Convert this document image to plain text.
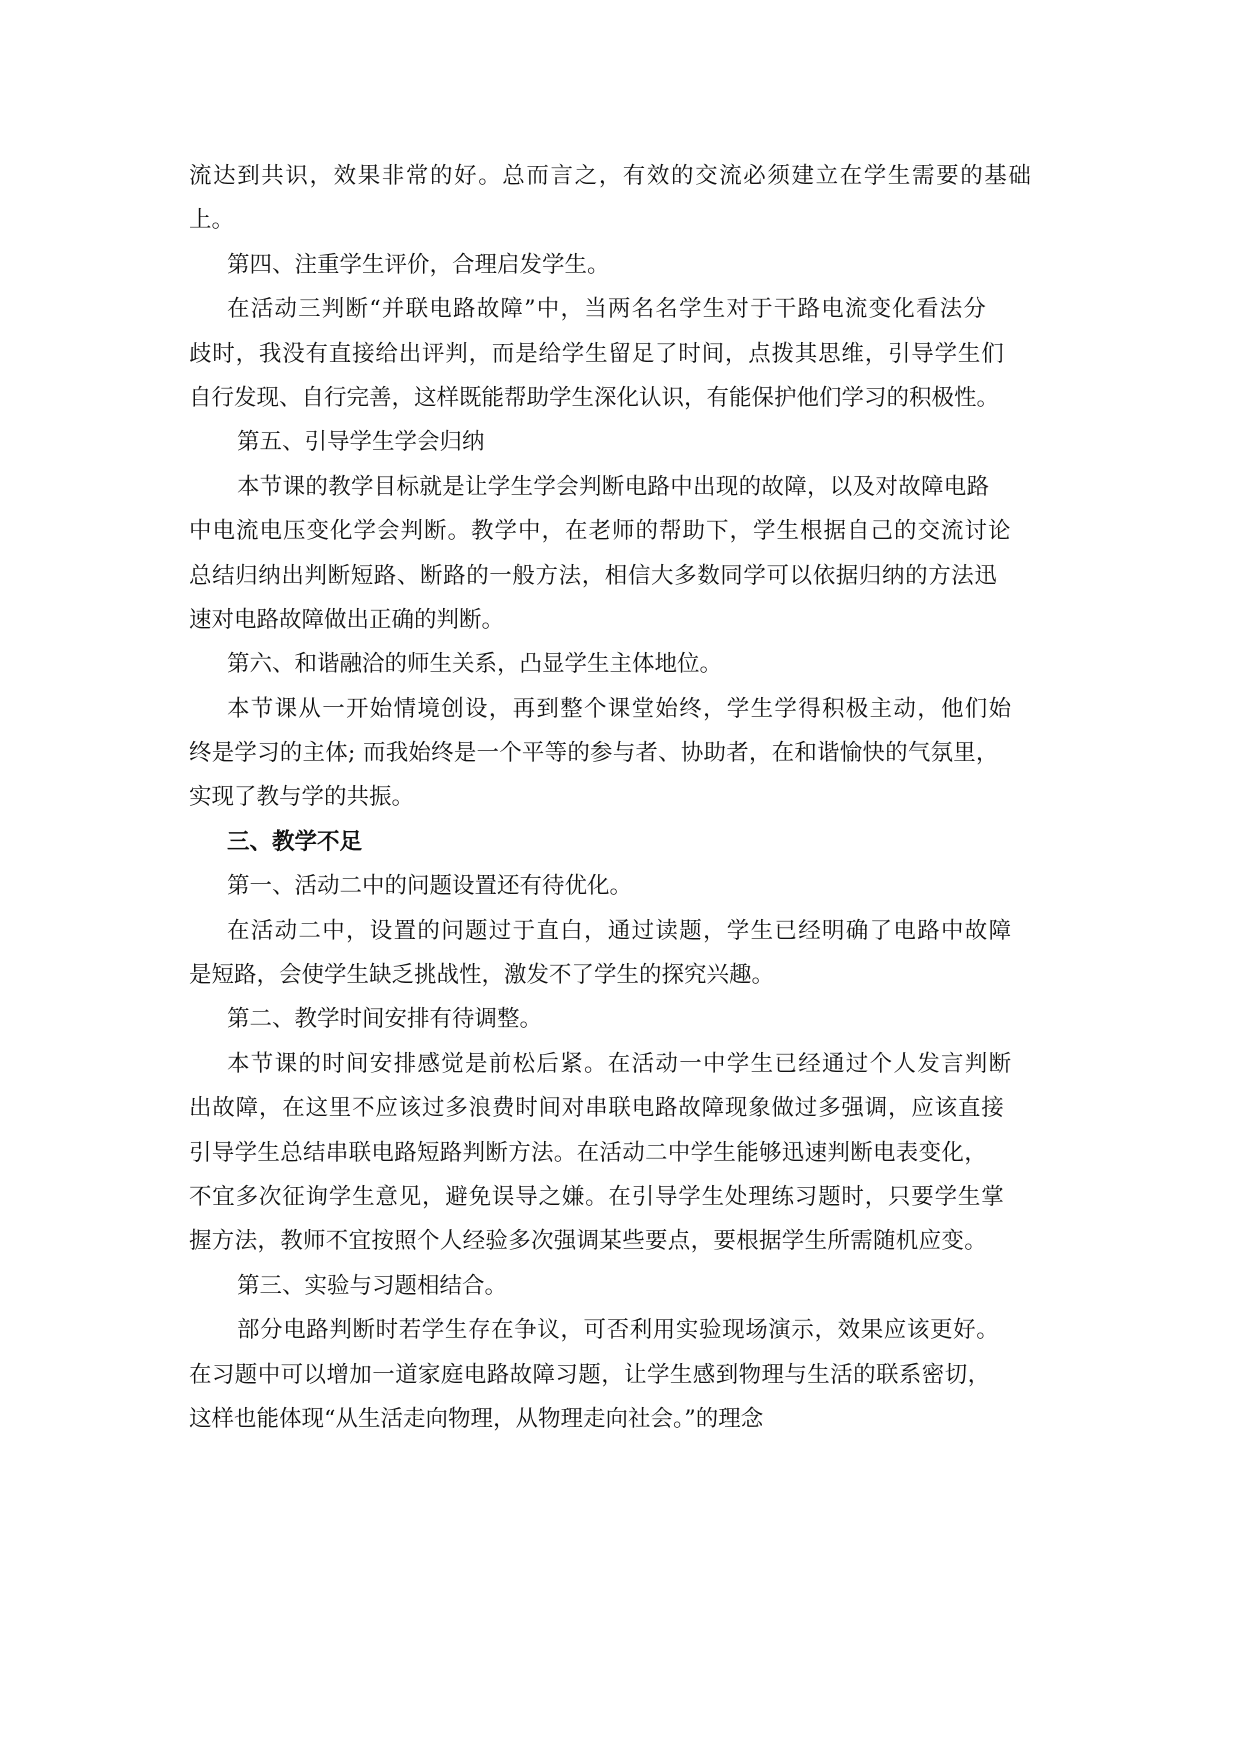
流达到共识，效果非常的好。总而言之，有效的交流必须建立在学生需要的基础
上。
第四、注重学生评价，合理启发学生。
在活动三判断“并联电路故障”中，当两名名学生对于干路电流变化看法分
歧时，我没有直接给出评判，而是给学生留足了时间，点拨其思维，引导学生们
自行发现、自行完善，这样既能帮助学生深化认识，有能保护他们学习的积极性。
第五、引导学生学会归纳
本节课的教学目标就是让学生学会判断电路中出现的故障，以及对故障电路
中电流电压变化学会判断。教学中，在老师的帮助下，学生根据自己的交流讨论
总结归纳出判断短路、断路的一般方法，相信大多数同学可以依据归纳的方法迅
速对电路故障做出正确的判断。
第六、和谐融洽的师生关系，凸显学生主体地位。
本节课从一开始情境创设，再到整个课堂始终，学生学得积极主动，他们始
终是学习的主体; 而我始终是一个平等的参与者、协助者，在和谐愉快的气氛里，
实现了教与学的共振。
三、教学不足
第一、活动二中的问题设置还有待优化。
在活动二中，设置的问题过于直白，通过读题，学生已经明确了电路中故障
是短路，会使学生缺乏挑战性，激发不了学生的探究兴趣。
第二、教学时间安排有待调整。
本节课的时间安排感觉是前松后紧。在活动一中学生已经通过个人发言判断
出故障，在这里不应该过多浪费时间对串联电路故障现象做过多强调，应该直接
引导学生总结串联电路短路判断方法。在活动二中学生能够迅速判断电表变化，
不宜多次征询学生意见，避免误导之嫌。在引导学生处理练习题时，只要学生掌
握方法，教师不宜按照个人经验多次强调某些要点，要根据学生所需随机应变。
第三、实验与习题相结合。
部分电路判断时若学生存在争议，可否利用实验现场演示，效果应该更好。
在习题中可以增加一道家庭电路故障习题，让学生感到物理与生活的联系密切，
这样也能体现“从生活走向物理，从物理走向社会。”的理念
